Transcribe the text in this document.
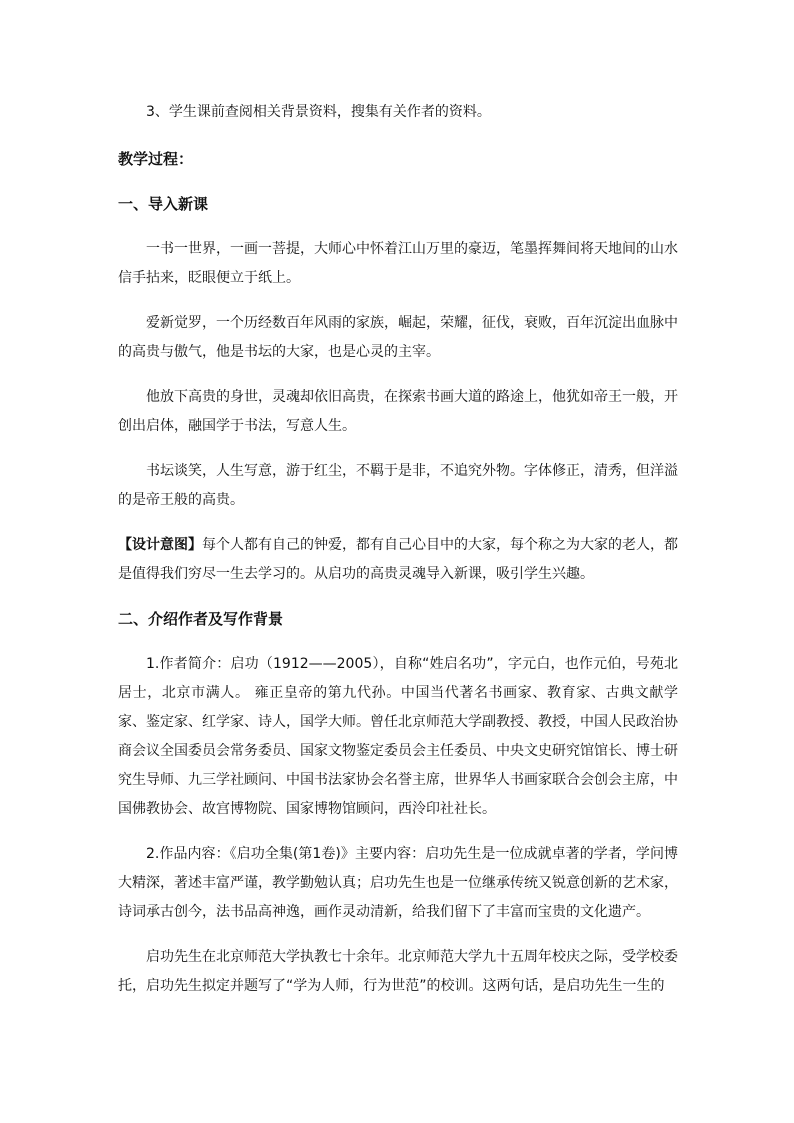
3、学生课前查阅相关背景资料，搜集有关作者的资料。

教学过程：

一、导入新课

一书一世界，一画一菩提，大师心中怀着江山万里的豪迈，笔墨挥舞间将天地间的山水信手拈来，眨眼便立于纸上。

爱新觉罗，一个历经数百年风雨的家族，崛起，荣耀，征伐，衰败，百年沉淀出血脉中的高贵与傲气，他是书坛的大家，也是心灵的主宰。

他放下高贵的身世，灵魂却依旧高贵，在探索书画大道的路途上，他犹如帝王一般，开创出启体，融国学于书法，写意人生。

书坛谈笑，人生写意，游于红尘，不羁于是非，不追究外物。字体修正，清秀，但洋溢的是帝王般的高贵。

【设计意图】每个人都有自己的钟爱，都有自己心目中的大家，每个称之为大家的老人，都是值得我们穷尽一生去学习的。从启功的高贵灵魂导入新课，吸引学生兴趣。

二、介绍作者及写作背景

1.作者简介：启功（1912——2005），自称“姓启名功”，字元白，也作元伯，号苑北居士，北京市满人。 雍正皇帝的第九代孙。中国当代著名书画家、教育家、古典文献学家、鉴定家、红学家、诗人，国学大师。曾任北京师范大学副教授、教授，中国人民政治协商会议全国委员会常务委员、国家文物鉴定委员会主任委员、中央文史研究馆馆长、博士研究生导师、九三学社顾问、中国书法家协会名誉主席，世界华人书画家联合会创会主席，中国佛教协会、故宫博物院、国家博物馆顾问，西泠印社社长。

2.作品内容：《启功全集(第1卷)》主要内容：启功先生是一位成就卓著的学者，学问博大精深，著述丰富严谨，教学勤勉认真；启功先生也是一位继承传统又锐意创新的艺术家，诗词承古创今，法书品高神逸，画作灵动清新，给我们留下了丰富而宝贵的文化遗产。

启功先生在北京师范大学执教七十余年。北京师范大学九十五周年校庆之际，受学校委托，启功先生拟定并题写了“学为人师，行为世范”的校训。这两句话，是启功先生一生的
